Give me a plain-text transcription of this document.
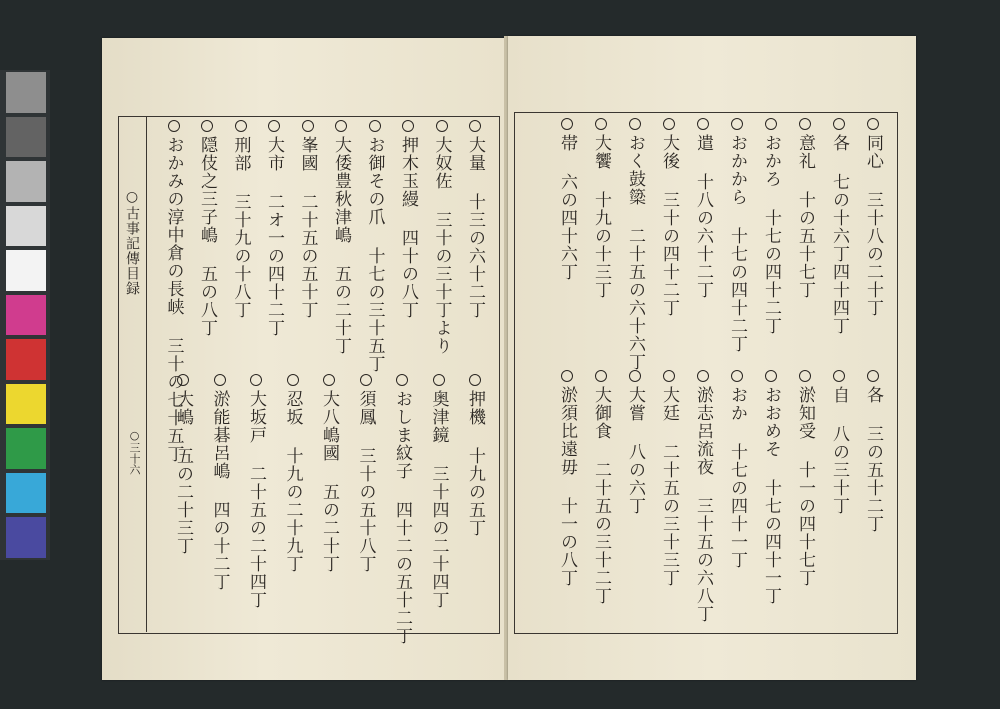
○古事記傳目録
○三十六
大量 十三の六十二丁
大奴佐 三十の三十丁より
押木玉縵 四十の八丁
お御その爪 十七の三十五丁
大倭豊秋津嶋 五の二十丁
峯國 二十五の五十丁
大市 二オ一の四十二丁
刑部 三十九の十八丁
隠伎之三子嶋 五の八丁
おかみの淳中倉の長峡 三十の七十五丁
押機 十九の五丁
奥津鏡 三十四の二十四丁
おしま紋子 四十二の五十二丁
須鳳 三十の五十八丁
大八嶋國 五の二十丁
忍坂 十九の二十九丁
大坂戸 二十五の二十四丁
淤能碁呂嶋 四の十二丁
大嶋 五の二十三丁
同心 三十八の二十丁
各 七の十六丁四十四丁
意礼 十の五十七丁
おかろ 十七の四十二丁
おかから 十七の四十二丁
遣 十八の六十二丁
大後 三十の四十二丁
おく鼓簗 二十五の六十六丁
大饗 十九の十三丁
帯 六の四十六丁
各 三の五十二丁
自 八の三十丁
淤知受 十一の四十七丁
おおめそ 十七の四十一丁
おか 十七の四十一丁
淤志呂流夜 三十五の六八丁
大廷 二十五の三十三丁
大嘗 八の六丁
大御食 二十五の三十二丁
淤須比遠毋 十一の八丁
